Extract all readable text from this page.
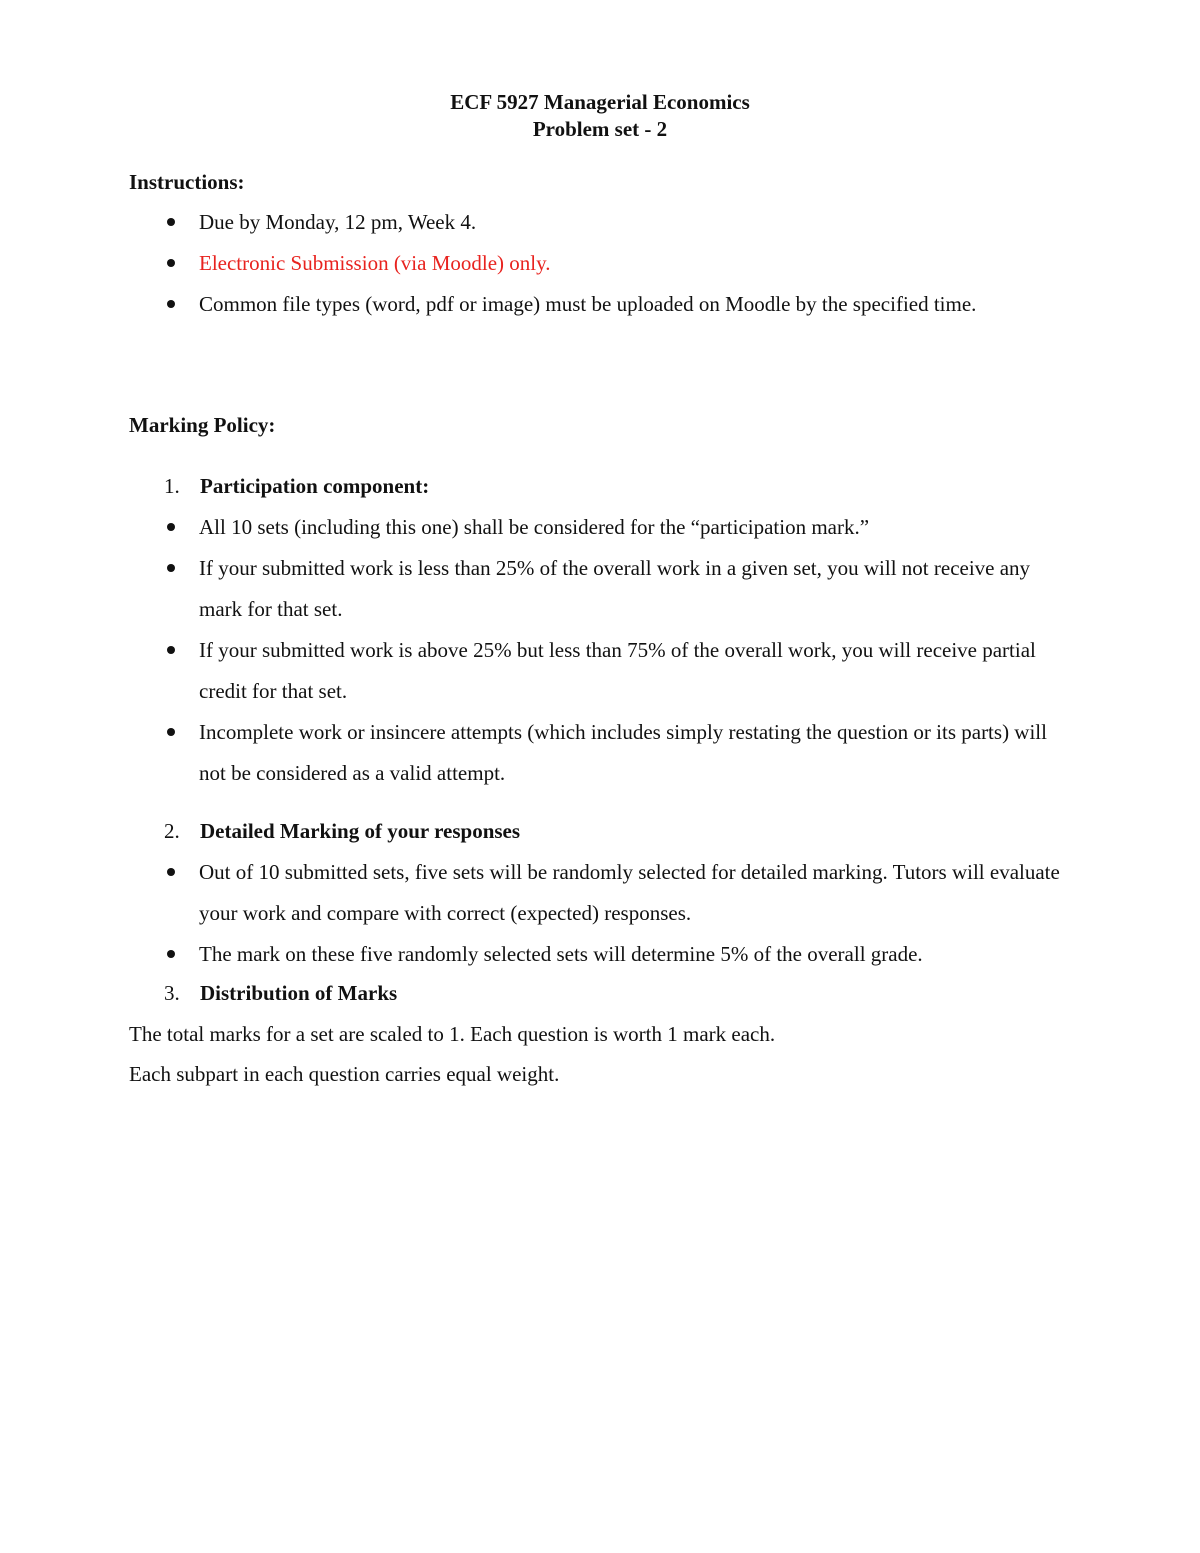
ECF 5927 Managerial Economics
Problem set - 2
Instructions:
Due by Monday, 12 pm, Week 4.
Electronic Submission (via Moodle) only.
Common file types (word, pdf or image) must be uploaded on Moodle by the specified time.
Marking Policy:
1. Participation component:
All 10 sets (including this one) shall be considered for the “participation mark.”
If your submitted work is less than 25% of the overall work in a given set, you will not receive any mark for that set.
If your submitted work is above 25% but less than 75% of the overall work, you will receive partial credit for that set.
Incomplete work or insincere attempts (which includes simply restating the question or its parts) will not be considered as a valid attempt.
2. Detailed Marking of your responses
Out of 10 submitted sets, five sets will be randomly selected for detailed marking. Tutors will evaluate your work and compare with correct (expected) responses.
The mark on these five randomly selected sets will determine 5% of the overall grade.
3. Distribution of Marks
The total marks for a set are scaled to 1. Each question is worth 1 mark each.
Each subpart in each question carries equal weight.
